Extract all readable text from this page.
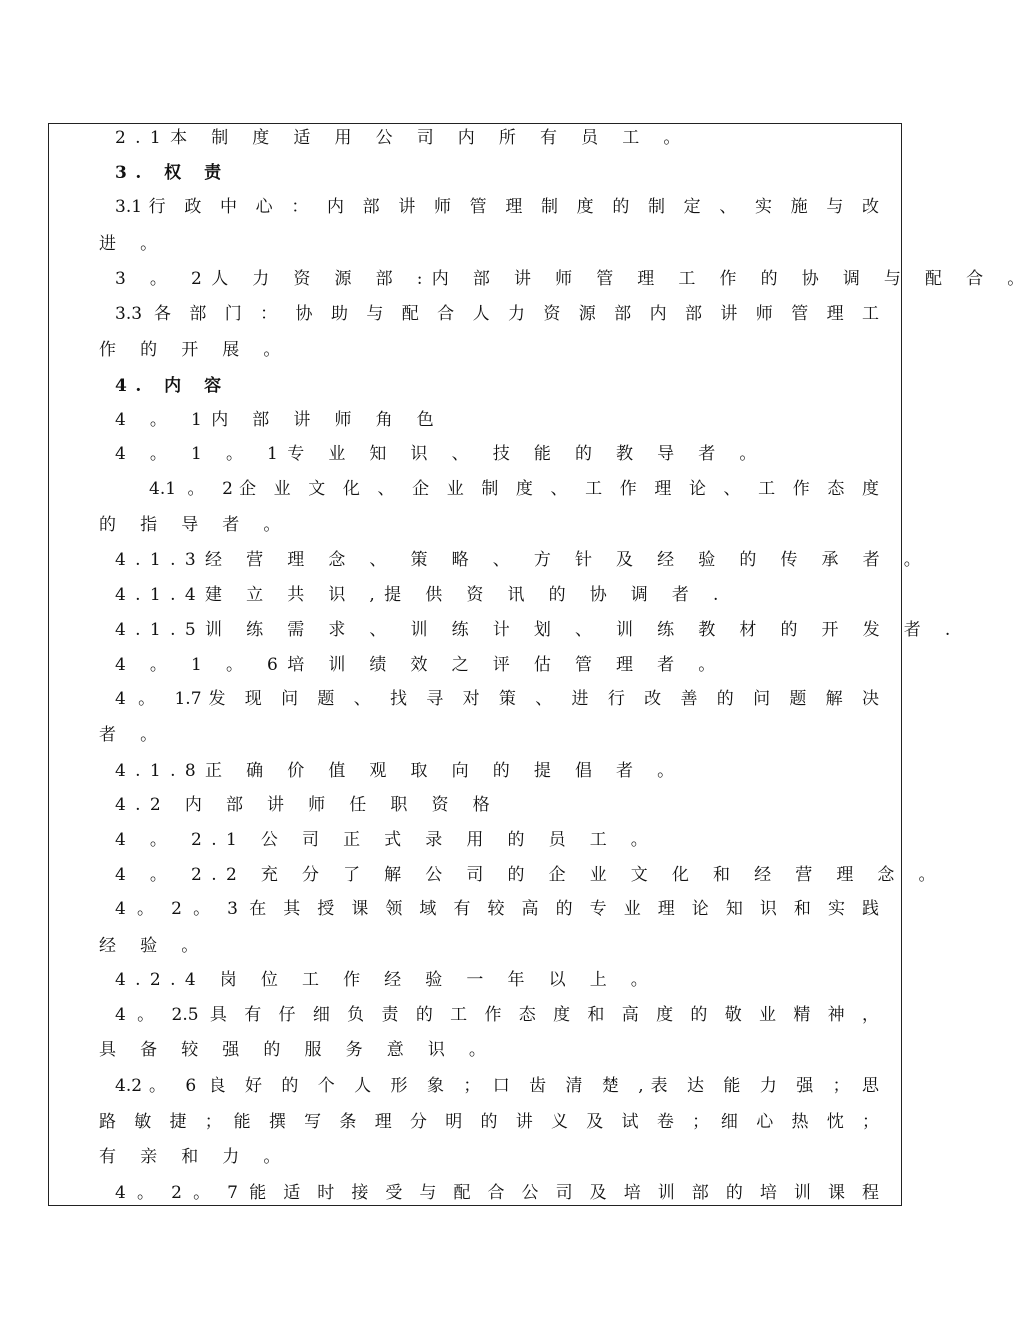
2.1本 制 度 适 用 公 司 内 所 有 员 工 。
3. 权 责
3.1行 政 中 心 ： 内 部 讲 师 管 理 制 度 的 制 定 、 实 施 与 改
进 。
3 。 2人 力 资 源 部 :内 部 讲 师 管 理 工 作 的 协 调 与 配 合 。
3.3 各 部 门 ： 协 助 与 配 合 人 力 资 源 部 内 部 讲 师 管 理 工
作 的 开 展 。
4. 内 容
4 。 1内 部 讲 师 角 色
4 。 1 。 1专 业 知 识 、 技 能 的 教 导 者 。
4.1 。 2企 业 文 化 、 企 业 制 度 、 工 作 理 论 、 工 作 态 度
的 指 导 者 。
4.1.3经 营 理 念 、 策 略 、 方 针 及 经 验 的 传 承 者 。
4.1.4建 立 共 识 ,提 供 资 讯 的 协 调 者 .
4.1.5训 练 需 求 、 训 练 计 划 、 训 练 教 材 的 开 发 者 .
4 。 1 。 6培 训 绩 效 之 评 估 管 理 者 。
4 。 1.7发 现 问 题 、 找 寻 对 策 、 进 行 改 善 的 问 题 解 决
者 。
4.1.8正 确 价 值 观 取 向 的 提 倡 者 。
4.2 内 部 讲 师 任 职 资 格
4 。 2.1 公 司 正 式 录 用 的 员 工 。
4 。 2.2 充 分 了 解 公 司 的 企 业 文 化 和 经 营 理 念 。
4 。 2 。 3 在 其 授 课 领 域 有 较 高 的 专 业 理 论 知 识 和 实 践
经 验 。
4.2.4 岗 位 工 作 经 验 一 年 以 上 。
4 。 2.5 具 有 仔 细 负 责 的 工 作 态 度 和 高 度 的 敬 业 精 神 ，
具 备 较 强 的 服 务 意 识 。
4.2。 6 良 好 的 个 人 形 象 ； 口 齿 清 楚 ,表 达 能 力 强 ； 思
路 敏 捷 ； 能 撰 写 条 理 分 明 的 讲 义 及 试 卷 ； 细 心 热 忱 ；
有 亲 和 力 。
4 。 2 。 7 能 适 时 接 受 与 配 合 公 司 及 培 训 部 的 培 训 课 程
